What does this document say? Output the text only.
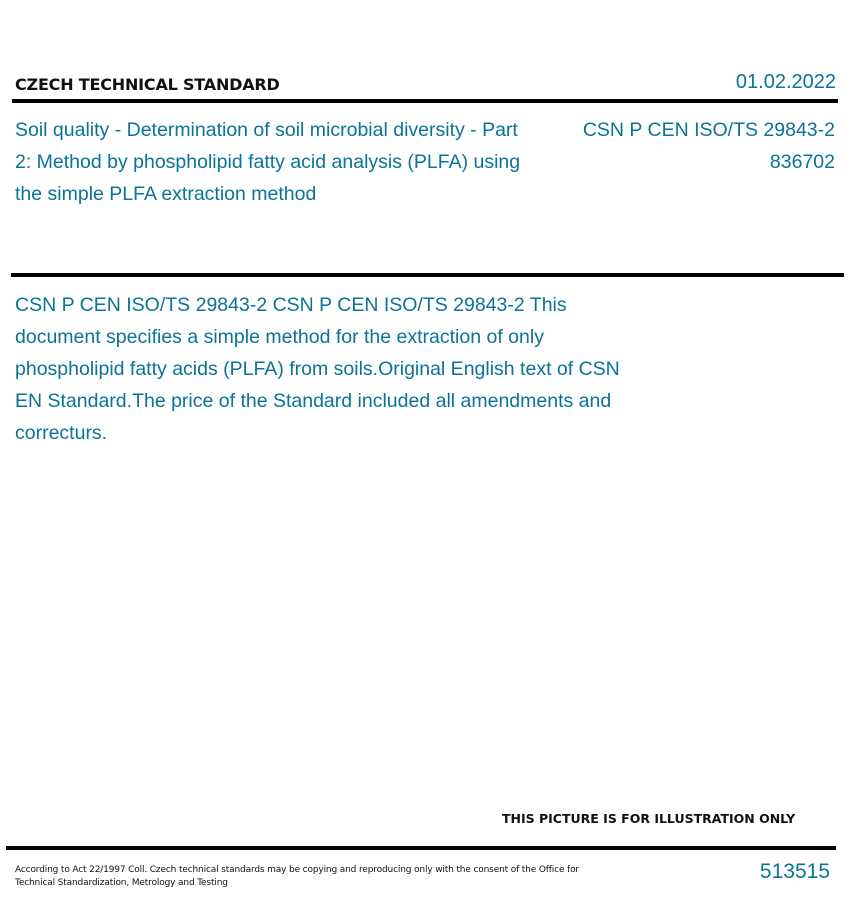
CZECH TECHNICAL STANDARD	01.02.2022
Soil quality - Determination of soil microbial diversity - Part 2: Method by phospholipid fatty acid analysis (PLFA) using the simple PLFA extraction method
CSN P CEN ISO/TS 29843-2
836702
CSN P CEN ISO/TS 29843-2 CSN P CEN ISO/TS 29843-2 This document specifies a simple method for the extraction of only phospholipid fatty acids (PLFA) from soils.Original English text of CSN EN Standard.The price of the Standard included all amendments and correcturs.
THIS PICTURE IS FOR ILLUSTRATION ONLY
According to Act 22/1997 Coll. Czech technical standards may be copying and reproducing only with the consent of the Office for Technical Standardization, Metrology and Testing	513515
